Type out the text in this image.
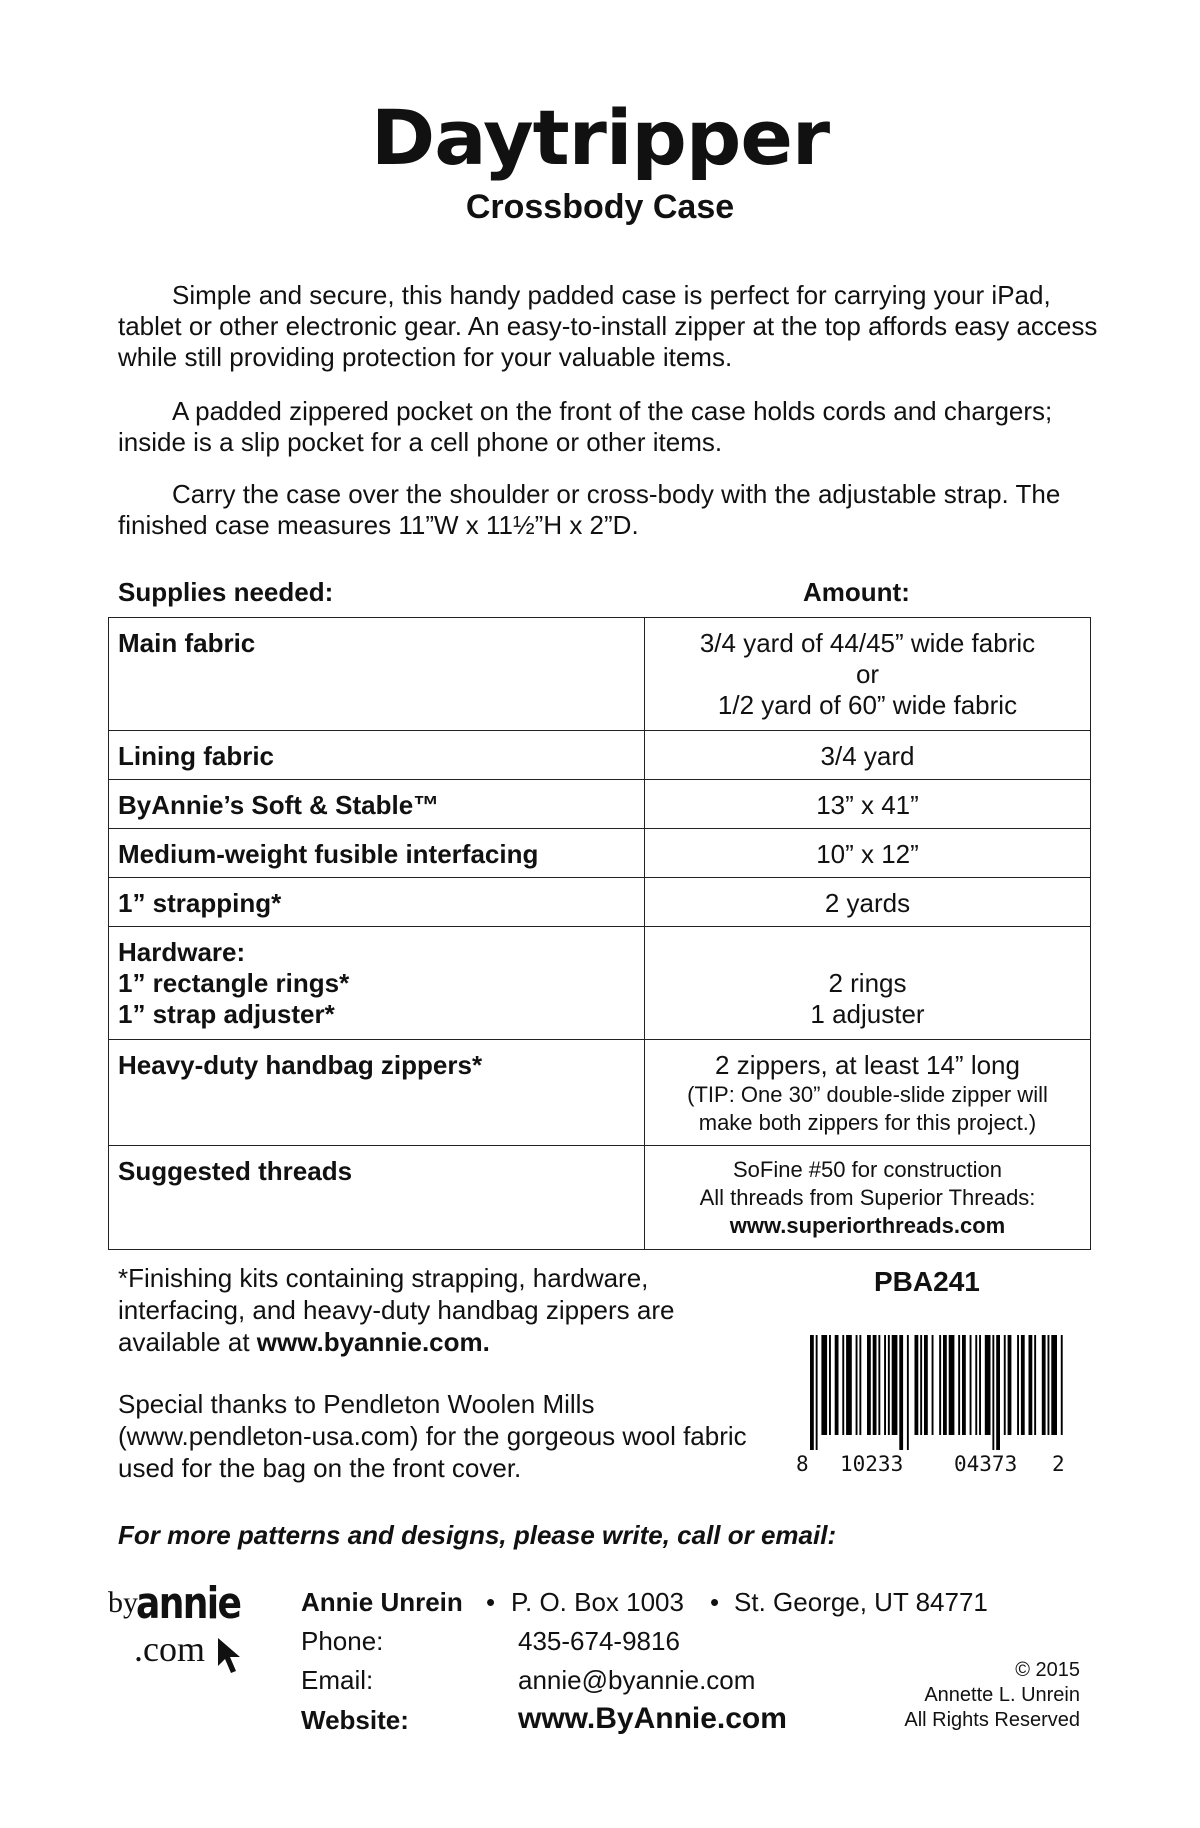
Daytripper
Crossbody Case
Simple and secure, this handy padded case is perfect for carrying your iPad, tablet or other electronic gear. An easy-to-install zipper at the top affords easy access while still providing protection for your valuable items.
A padded zippered pocket on the front of the case holds cords and chargers; inside is a slip pocket for a cell phone or other items.
Carry the case over the shoulder or cross-body with the adjustable strap. The finished case measures 11”W x 11½”H x 2”D.
Supplies needed:	Amount:
Main fabric	3/4 yard of 44/45” wide fabric
or
1/2 yard of 60” wide fabric

Lining fabric	3/4 yard

ByAnnie’s Soft & Stable™	13” x 41”

Medium-weight fusible interfacing	10” x 12”

1” strapping*	2 yards

Hardware:
1” rectangle rings*
1” strap adjuster*	2 rings
1 adjuster

Heavy-duty handbag zippers*	2 zippers, at least 14” long
(TIP: One 30” double-slide zipper will
make both zippers for this project.)

Suggested threads	SoFine #50 for construction
All threads from Superior Threads:
www.superiorthreads.com
*Finishing kits containing strapping, hardware, interfacing, and heavy-duty handbag zippers are available at www.byannie.com.
Special thanks to Pendleton Woolen Mills (www.pendleton-usa.com) for the gorgeous wool fabric used for the bag on the front cover.
PBA241
8 10233 04373 2
For more patterns and designs, please write, call or email:
by
annie
.com
Annie Unrein • P. O. Box 1003 • St. George, UT 84771
Phone:	435-674-9816
Email:	annie@byannie.com
Website:	www.ByAnnie.com
© 2015
Annette L. Unrein
All Rights Reserved
